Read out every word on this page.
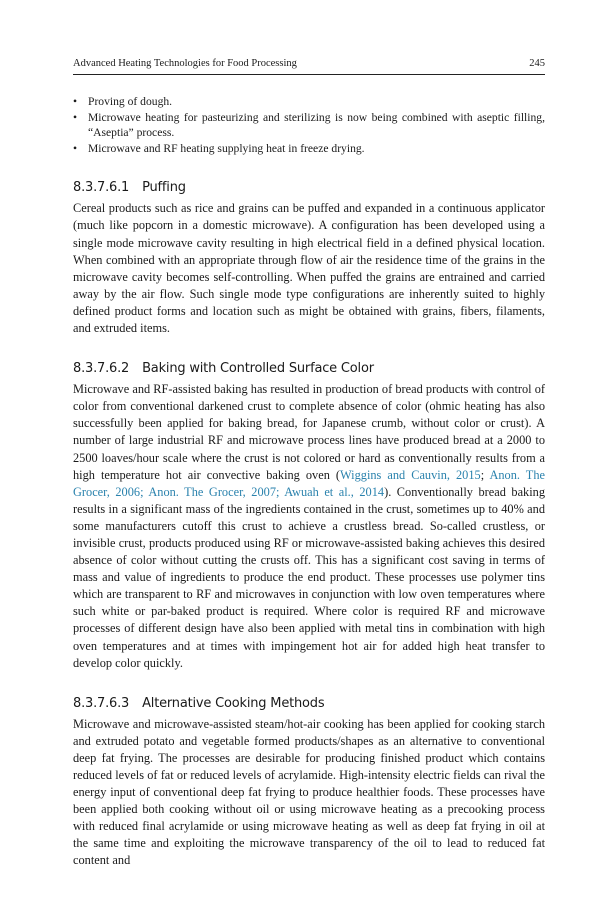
Advanced Heating Technologies for Food Processing	245
• Proving of dough.
• Microwave heating for pasteurizing and sterilizing is now being combined with aseptic filling, “Aseptia” process.
• Microwave and RF heating supplying heat in freeze drying.
8.3.7.6.1 Puffing

Cereal products such as rice and grains can be puffed and expanded in a continuous applicator (much like popcorn in a domestic microwave). A configuration has been developed using a single mode microwave cavity resulting in high electrical field in a defined physical location. When combined with an appropriate through flow of air the residence time of the grains in the microwave cavity becomes self-controlling. When puffed the grains are entrained and carried away by the air flow. Such single mode type configurations are inherently suited to highly defined product forms and location such as might be obtained with grains, fibers, filaments, and extruded items.

8.3.7.6.2 Baking with Controlled Surface Color

Microwave and RF-assisted baking has resulted in production of bread products with control of color from conventional darkened crust to complete absence of color (ohmic heating has also successfully been applied for baking bread, for Japanese crumb, without color or crust). A number of large industrial RF and microwave process lines have produced bread at a 2000 to 2500 loaves/hour scale where the crust is not colored or hard as conventionally results from a high temperature hot air convective baking oven (Wiggins and Cauvin, 2015; Anon. The Grocer, 2006; Anon. The Grocer, 2007; Awuah et al., 2014). Conventionally bread baking results in a significant mass of the ingredients contained in the crust, sometimes up to 40% and some manufacturers cutoff this crust to achieve a crustless bread. So-called crustless, or invisible crust, products produced using RF or microwave-assisted baking achieves this desired absence of color without cutting the crusts off. This has a significant cost saving in terms of mass and value of ingredients to produce the end product. These processes use polymer tins which are transparent to RF and microwaves in conjunction with low oven temperatures where such white or par-baked product is required. Where color is required RF and microwave processes of different design have also been applied with metal tins in combination with high oven temperatures and at times with impingement hot air for added high heat transfer to develop color quickly.

8.3.7.6.3 Alternative Cooking Methods

Microwave and microwave-assisted steam/hot-air cooking has been applied for cooking starch and extruded potato and vegetable formed products/shapes as an alternative to conventional deep fat frying. The processes are desirable for producing finished product which contains reduced levels of fat or reduced levels of acrylamide. High-intensity electric fields can rival the energy input of conventional deep fat frying to produce healthier foods. These processes have been applied both cooking without oil or using microwave heating as a precooking process with reduced final acrylamide or using microwave heating as well as deep fat frying in oil at the same time and exploiting the microwave transparency of the oil to lead to reduced fat content and
